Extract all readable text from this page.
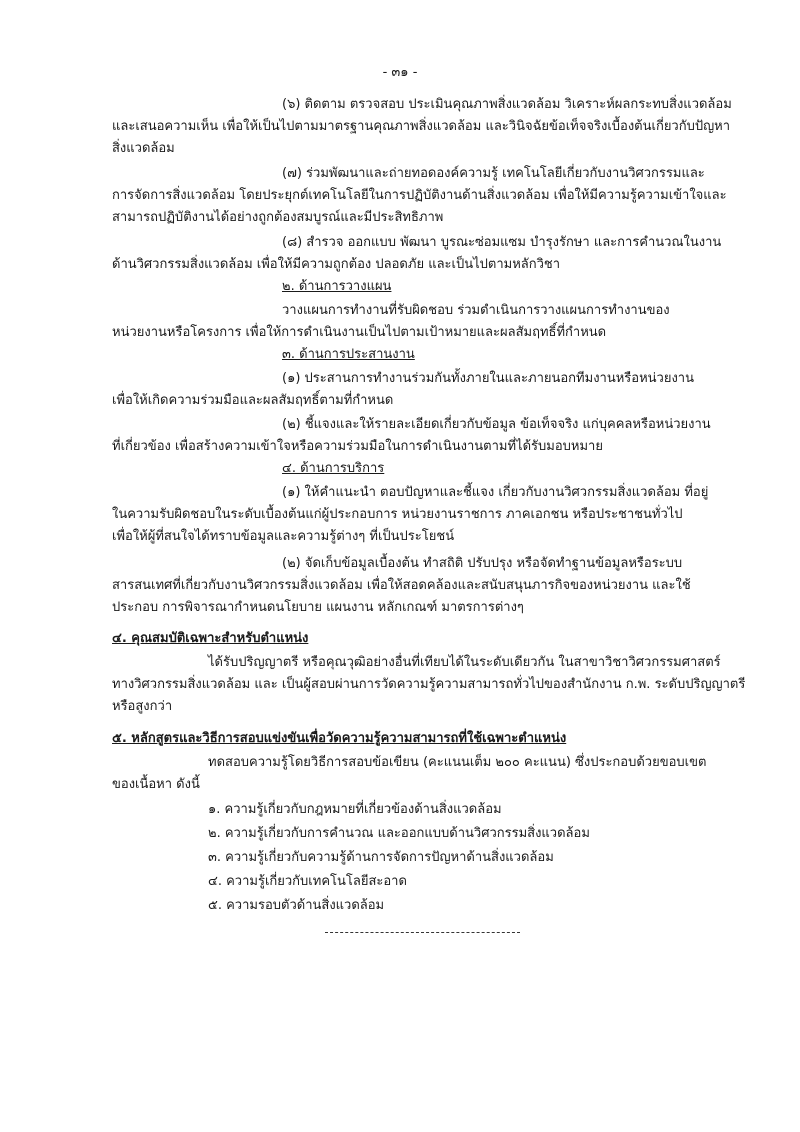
- ๓๑ -
(๖) ติดตาม ตรวจสอบ ประเมินคุณภาพสิ่งแวดล้อม วิเคราะห์ผลกระทบสิ่งแวดล้อม
และเสนอความเห็น เพื่อให้เป็นไปตามมาตรฐานคุณภาพสิ่งแวดล้อม และวินิจฉัยข้อเท็จจริงเบื้องต้นเกี่ยวกับปัญหา
สิ่งแวดล้อม
(๗) ร่วมพัฒนาและถ่ายทอดองค์ความรู้ เทคโนโลยีเกี่ยวกับงานวิศวกรรมและ
การจัดการสิ่งแวดล้อม โดยประยุกต์เทคโนโลยีในการปฏิบัติงานด้านสิ่งแวดล้อม เพื่อให้มีความรู้ความเข้าใจและ
สามารถปฏิบัติงานได้อย่างถูกต้องสมบูรณ์และมีประสิทธิภาพ
(๘) สำรวจ ออกแบบ พัฒนา บูรณะซ่อมแซม บำรุงรักษา และการคำนวณในงาน
ด้านวิศวกรรมสิ่งแวดล้อม เพื่อให้มีความถูกต้อง ปลอดภัย และเป็นไปตามหลักวิชา
๒. ด้านการวางแผน
วางแผนการทำงานที่รับผิดชอบ ร่วมดำเนินการวางแผนการทำงานของ
หน่วยงานหรือโครงการ เพื่อให้การดำเนินงานเป็นไปตามเป้าหมายและผลสัมฤทธิ์ที่กำหนด
๓. ด้านการประสานงาน
(๑) ประสานการทำงานร่วมกันทั้งภายในและภายนอกทีมงานหรือหน่วยงาน
เพื่อให้เกิดความร่วมมือและผลสัมฤทธิ์ตามที่กำหนด
(๒) ชี้แจงและให้รายละเอียดเกี่ยวกับข้อมูล ข้อเท็จจริง แก่บุคคลหรือหน่วยงาน
ที่เกี่ยวข้อง เพื่อสร้างความเข้าใจหรือความร่วมมือในการดำเนินงานตามที่ได้รับมอบหมาย
๔. ด้านการบริการ
(๑) ให้คำแนะนำ ตอบปัญหาและชี้แจง เกี่ยวกับงานวิศวกรรมสิ่งแวดล้อม ที่อยู่
ในความรับผิดชอบในระดับเบื้องต้นแก่ผู้ประกอบการ หน่วยงานราชการ ภาคเอกชน หรือประชาชนทั่วไป
เพื่อให้ผู้ที่สนใจได้ทราบข้อมูลและความรู้ต่างๆ ที่เป็นประโยชน์
(๒) จัดเก็บข้อมูลเบื้องต้น ทำสถิติ ปรับปรุง หรือจัดทำฐานข้อมูลหรือระบบ
สารสนเทศที่เกี่ยวกับงานวิศวกรรมสิ่งแวดล้อม เพื่อให้สอดคล้องและสนับสนุนภารกิจของหน่วยงาน และใช้
ประกอบ การพิจารณากำหนดนโยบาย แผนงาน หลักเกณฑ์ มาตรการต่างๆ
๔. คุณสมบัติเฉพาะสำหรับตำแหน่ง
ได้รับปริญญาตรี หรือคุณวุฒิอย่างอื่นที่เทียบได้ในระดับเดียวกัน ในสาขาวิชาวิศวกรรมศาสตร์
ทางวิศวกรรมสิ่งแวดล้อม และ เป็นผู้สอบผ่านการวัดความรู้ความสามารถทั่วไปของสำนักงาน ก.พ. ระดับปริญญาตรี
หรือสูงกว่า
๕. หลักสูตรและวิธีการสอบแข่งขันเพื่อวัดความรู้ความสามารถที่ใช้เฉพาะตำแหน่ง
ทดสอบความรู้โดยวิธีการสอบข้อเขียน (คะแนนเต็ม ๒๐๐ คะแนน) ซึ่งประกอบด้วยขอบเขต
ของเนื้อหา ดังนี้
๑. ความรู้เกี่ยวกับกฎหมายที่เกี่ยวข้องด้านสิ่งแวดล้อม
๒. ความรู้เกี่ยวกับการคำนวณ และออกแบบด้านวิศวกรรมสิ่งแวดล้อม
๓. ความรู้เกี่ยวกับความรู้ด้านการจัดการปัญหาด้านสิ่งแวดล้อม
๔. ความรู้เกี่ยวกับเทคโนโลยีสะอาด
๕. ความรอบตัวด้านสิ่งแวดล้อม
